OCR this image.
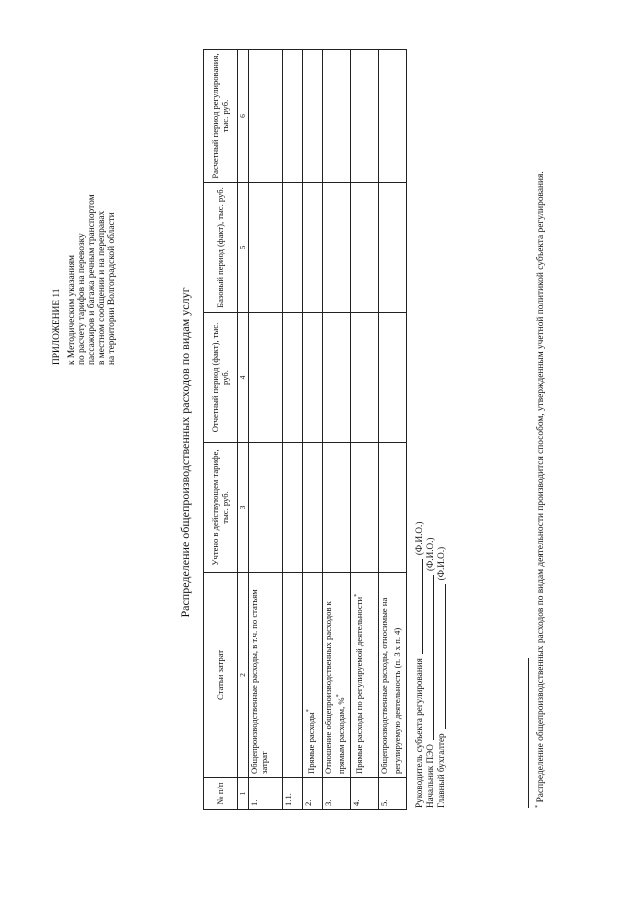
ПРИЛОЖЕНИЕ 11 к Методическим указаниям по расчету тарифов на перевозку пассажиров и багажа речным транспортом в местном сообщении и на переправах на территории Волгоградской области	Распределение общепроизводственных расходов по видам услуг
№ п/п	Статьи затрат	Учтено в действующем тарифе, тыс. руб.	Отчетный период (факт), тыс. руб.	Базовый период (факт), тыс. руб.	Расчетный период регулирования, тыс. руб.
1	2	3	4	5	6
1.	Общепроизводственные расходы, в т.ч. по статьям затрат				
1.1.					
2.	Прямые расходы*				
3.	Отношение общепроизводственных расходов к прямым расходам, %*				
4.	Прямые расходы по регулируемой деятельности*				
5.	Общепроизводственные расходы, относимые на регулируемую деятельность (п. 3 х п. 4)				Руководитель субъекта регулирования
(Ф.И.О.)
Начальник ПЭО
(Ф.И.О.)
Главный бухгалтер
(Ф.И.О.)
* Распределение общепроизводственных расходов по видам деятельности производится способом, утвержденным учетной политикой субъекта регулирования.
